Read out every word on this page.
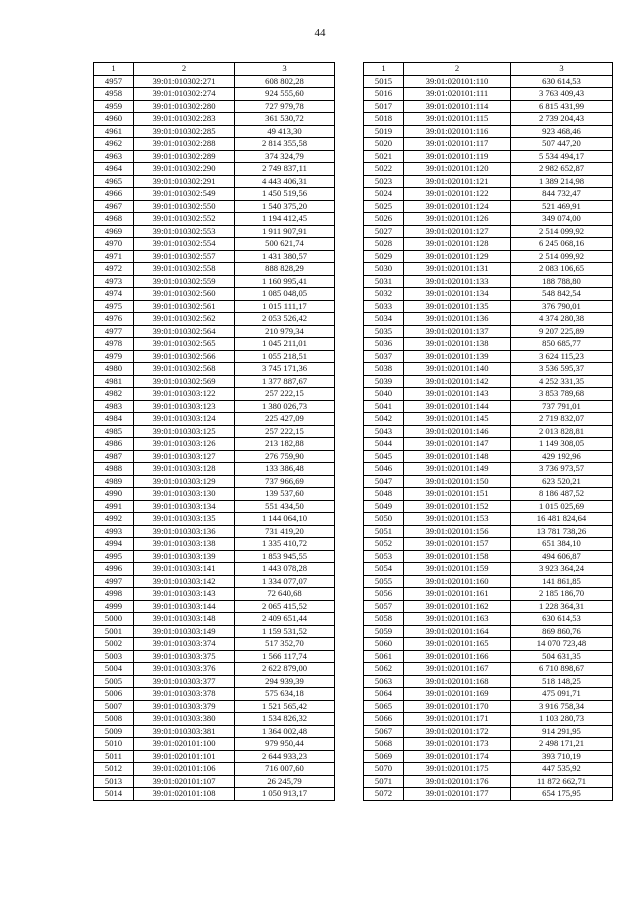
44
1	2	3
4957	39:01:010302:271	608 802,28
4958	39:01:010302:274	924 555,60
4959	39:01:010302:280	727 979,78
4960	39:01:010302:283	361 530,72
4961	39:01:010302:285	49 413,30
4962	39:01:010302:288	2 814 355,58
4963	39:01:010302:289	374 324,79
4964	39:01:010302:290	2 749 837,11
4965	39:01:010302:291	4 443 406,31
4966	39:01:010302:549	1 450 519,56
4967	39:01:010302:550	1 540 375,20
4968	39:01:010302:552	1 194 412,45
4969	39:01:010302:553	1 911 907,91
4970	39:01:010302:554	500 621,74
4971	39:01:010302:557	1 431 380,57
4972	39:01:010302:558	888 828,29
4973	39:01:010302:559	1 160 995,41
4974	39:01:010302:560	1 085 048,05
4975	39:01:010302:561	1 015 111,17
4976	39:01:010302:562	2 053 526,42
4977	39:01:010302:564	210 979,34
4978	39:01:010302:565	1 045 211,01
4979	39:01:010302:566	1 055 218,51
4980	39:01:010302:568	3 745 171,36
4981	39:01:010302:569	1 377 887,67
4982	39:01:010303:122	257 222,15
4983	39:01:010303:123	1 380 026,73
4984	39:01:010303:124	225 427,09
4985	39:01:010303:125	257 222,15
4986	39:01:010303:126	213 182,88
4987	39:01:010303:127	276 759,90
4988	39:01:010303:128	133 386,48
4989	39:01:010303:129	737 966,69
4990	39:01:010303:130	139 537,60
4991	39:01:010303:134	551 434,50
4992	39:01:010303:135	1 144 064,10
4993	39:01:010303:136	731 419,20
4994	39:01:010303:138	1 335 410,72
4995	39:01:010303:139	1 853 945,55
4996	39:01:010303:141	1 443 078,28
4997	39:01:010303:142	1 334 077,07
4998	39:01:010303:143	72 640,68
4999	39:01:010303:144	2 065 415,52
5000	39:01:010303:148	2 409 651,44
5001	39:01:010303:149	1 159 531,52
5002	39:01:010303:374	517 352,70
5003	39:01:010303:375	1 566 117,74
5004	39:01:010303:376	2 622 879,00
5005	39:01:010303:377	294 939,39
5006	39:01:010303:378	575 634,18
5007	39:01:010303:379	1 521 565,42
5008	39:01:010303:380	1 534 826,32
5009	39:01:010303:381	1 364 002,48
5010	39:01:020101:100	979 950,44
5011	39:01:020101:101	2 644 933,23
5012	39:01:020101:106	716 007,60
5013	39:01:020101:107	26 245,79
5014	39:01:020101:108	1 050 913,17
1	2	3
5015	39:01:020101:110	630 614,53
5016	39:01:020101:111	3 763 409,43
5017	39:01:020101:114	6 815 431,99
5018	39:01:020101:115	2 739 204,43
5019	39:01:020101:116	923 468,46
5020	39:01:020101:117	507 447,20
5021	39:01:020101:119	5 534 494,17
5022	39:01:020101:120	2 982 652,87
5023	39:01:020101:121	1 389 214,98
5024	39:01:020101:122	844 732,47
5025	39:01:020101:124	521 469,91
5026	39:01:020101:126	349 074,00
5027	39:01:020101:127	2 514 099,92
5028	39:01:020101:128	6 245 068,16
5029	39:01:020101:129	2 514 099,92
5030	39:01:020101:131	2 083 106,65
5031	39:01:020101:133	188 788,80
5032	39:01:020101:134	548 842,54
5033	39:01:020101:135	376 790,01
5034	39:01:020101:136	4 374 280,38
5035	39:01:020101:137	9 207 225,89
5036	39:01:020101:138	850 685,77
5037	39:01:020101:139	3 624 115,23
5038	39:01:020101:140	3 536 595,37
5039	39:01:020101:142	4 252 331,35
5040	39:01:020101:143	3 853 789,68
5041	39:01:020101:144	737 791,01
5042	39:01:020101:145	2 719 832,07
5043	39:01:020101:146	2 013 828,81
5044	39:01:020101:147	1 149 308,05
5045	39:01:020101:148	429 192,96
5046	39:01:020101:149	3 736 973,57
5047	39:01:020101:150	623 520,21
5048	39:01:020101:151	8 186 487,52
5049	39:01:020101:152	1 015 025,69
5050	39:01:020101:153	16 481 824,64
5051	39:01:020101:156	13 781 738,26
5052	39:01:020101:157	651 384,10
5053	39:01:020101:158	494 606,87
5054	39:01:020101:159	3 923 364,24
5055	39:01:020101:160	141 861,85
5056	39:01:020101:161	2 185 186,70
5057	39:01:020101:162	1 228 364,31
5058	39:01:020101:163	630 614,53
5059	39:01:020101:164	869 860,76
5060	39:01:020101:165	14 070 723,48
5061	39:01:020101:166	504 631,35
5062	39:01:020101:167	6 710 898,67
5063	39:01:020101:168	518 148,25
5064	39:01:020101:169	475 091,71
5065	39:01:020101:170	3 916 758,34
5066	39:01:020101:171	1 103 280,73
5067	39:01:020101:172	914 291,95
5068	39:01:020101:173	2 498 171,21
5069	39:01:020101:174	393 710,19
5070	39:01:020101:175	447 535,92
5071	39:01:020101:176	11 872 662,71
5072	39:01:020101:177	654 175,95
